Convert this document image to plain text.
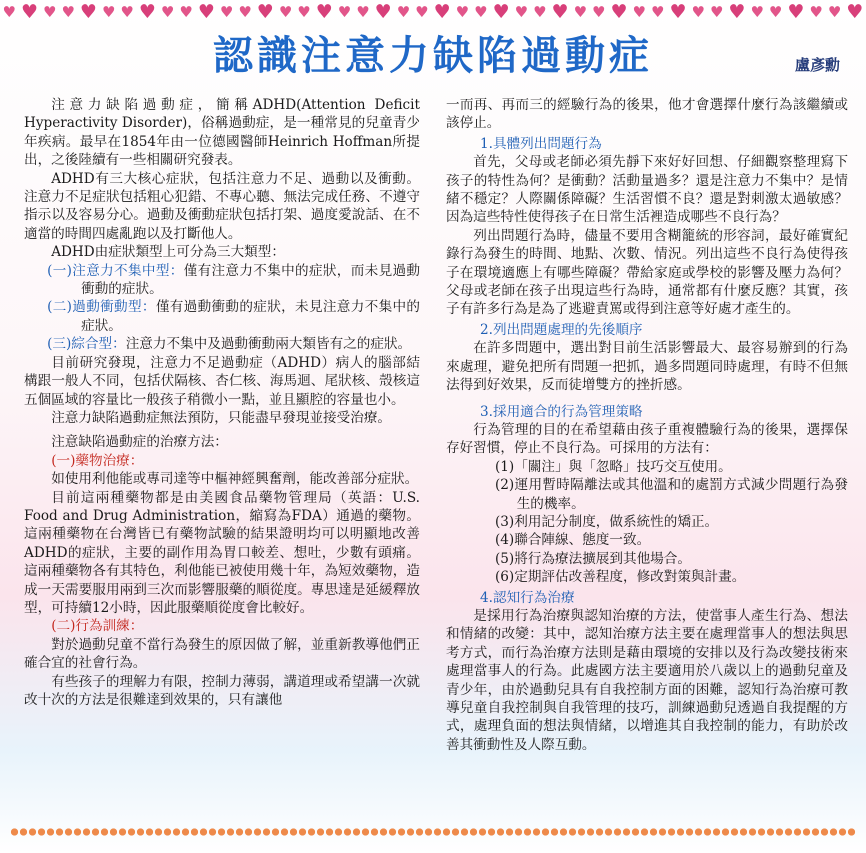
♥ ♥ ♥ ♥ ♥ ♥ ♥ ♥ ♥ ♥ ♥ ♥ ♥ ♥ ♥ ♥ ♥ ♥ ♥ ♥ ♥ ♥ ♥ ♥ ♥ ♥ ♥ ♥ ♥ ♥ ♥ ♥ ♥ ♥ ♥ ♥ ♥ ♥ ♥ ♥ ♥ ♥ ♥ ♥
認識注意力缺陷過動症	盧彥勳

注意力缺陷過動症，簡稱ADHD(Attention Deficit Hyperactivity Disorder)，俗稱過動症，是一種常見的兒童青少年疾病。最早在1854年由一位德國醫師Heinrich Hoffman所提出，之後陸續有一些相關研究發表。

ADHD有三大核心症狀，包括注意力不足、過動以及衝動。注意力不足症狀包括粗心犯錯、不專心聽、無法完成任務、不遵守指示以及容易分心。過動及衝動症狀包括打架、過度愛說話、在不適當的時間四處亂跑以及打斷他人。

ADHD由症狀類型上可分為三大類型：

(一)注意力不集中型：僅有注意力不集中的症狀，而未見過動衝動的症狀。

(二)過動衝動型：僅有過動衝動的症狀，未見注意力不集中的症狀。

(三)綜合型：注意力不集中及過動衝動兩大類皆有之的症狀。

目前研究發現，注意力不足過動症（ADHD）病人的腦部結構跟一般人不同，包括伏隔核、杏仁核、海馬迴、尾狀核、殼核這五個區域的容量比一般孩子稍微小一點，並且顯腔的容量也小。

注意力缺陷過動症無法預防，只能盡早發現並接受治療。

注意缺陷過動症的治療方法：

(一)藥物治療：

如使用利他能或專司達等中樞神經興奮劑，能改善部分症狀。

目前這兩種藥物都是由美國食品藥物管理局（英語：U.S. Food and Drug Administration，縮寫為FDA）通過的藥物。這兩種藥物在台灣皆已有藥物試驗的結果證明均可以明顯地改善ADHD的症狀，主要的副作用為胃口較差、想吐，少數有頭痛。這兩種藥物各有其特色，利他能已被使用幾十年，為短效藥物，造成一天需要服用兩到三次而影響服藥的順從度。專思達是延緩釋放型，可持續12小時，因此服藥順從度會比較好。

(二)行為訓練：

對於過動兒童不當行為發生的原因做了解，並重新教導他們正確合宜的社會行為。

有些孩子的理解力有限，控制力薄弱，講道理或希望講一次就改十次的方法是很難達到效果的，只有讓他

一而再、再而三的經驗行為的後果，他才會選擇什麼行為該繼續或該停止。

1.具體列出問題行為

首先，父母或老師必須先靜下來好好回想、仔細觀察整理寫下孩子的特性為何？是衝動？活動量過多？還是注意力不集中？是情緒不穩定？人際關係障礙？生活習慣不良？還是對刺激太過敏感？因為這些特性使得孩子在日常生活裡造成哪些不良行為？

列出問題行為時，儘量不要用含糊籠統的形容詞，最好確實紀錄行為發生的時間、地點、次數、情況。列出這些不良行為使得孩子在環境適應上有哪些障礙？帶給家庭或學校的影響及壓力為何？父母或老師在孩子出現這些行為時，通常都有什麼反應？其實，孩子有許多行為是為了逃避責罵或得到注意等好處才產生的。

2.列出問題處理的先後順序

在許多問題中，選出對目前生活影響最大、最容易辦到的行為來處理，避免把所有問題一把抓，過多問題同時處理，有時不但無法得到好效果，反而徒增雙方的挫折感。

3.採用適合的行為管理策略

行為管理的目的在希望藉由孩子重複體驗行為的後果，選擇保存好習慣，停止不良行為。可採用的方法有：

(1)「關注」與「忽略」技巧交互使用。

(2)運用暫時隔離法或其他溫和的處罰方式減少問題行為發生的機率。

(3)利用記分制度，做系統性的矯正。

(4)聯合陣線、態度一致。

(5)將行為療法擴展到其他場合。

(6)定期評估改善程度，修改對策與計畫。

4.認知行為治療

是採用行為治療與認知治療的方法，使當事人產生行為、想法和情緒的改變：其中，認知治療方法主要在處理當事人的想法與思考方式，而行為治療方法則是藉由環境的安排以及行為改變技術來處理當事人的行為。此處國方法主要適用於八歲以上的過動兒童及青少年，由於過動兒具有自我控制方面的困難，認知行為治療可教導兒童自我控制與自我管理的技巧，訓練過動兒透過自我提醒的方式，處理負面的想法與情緒，以增進其自我控制的能力，有助於改善其衝動性及人際互動。
